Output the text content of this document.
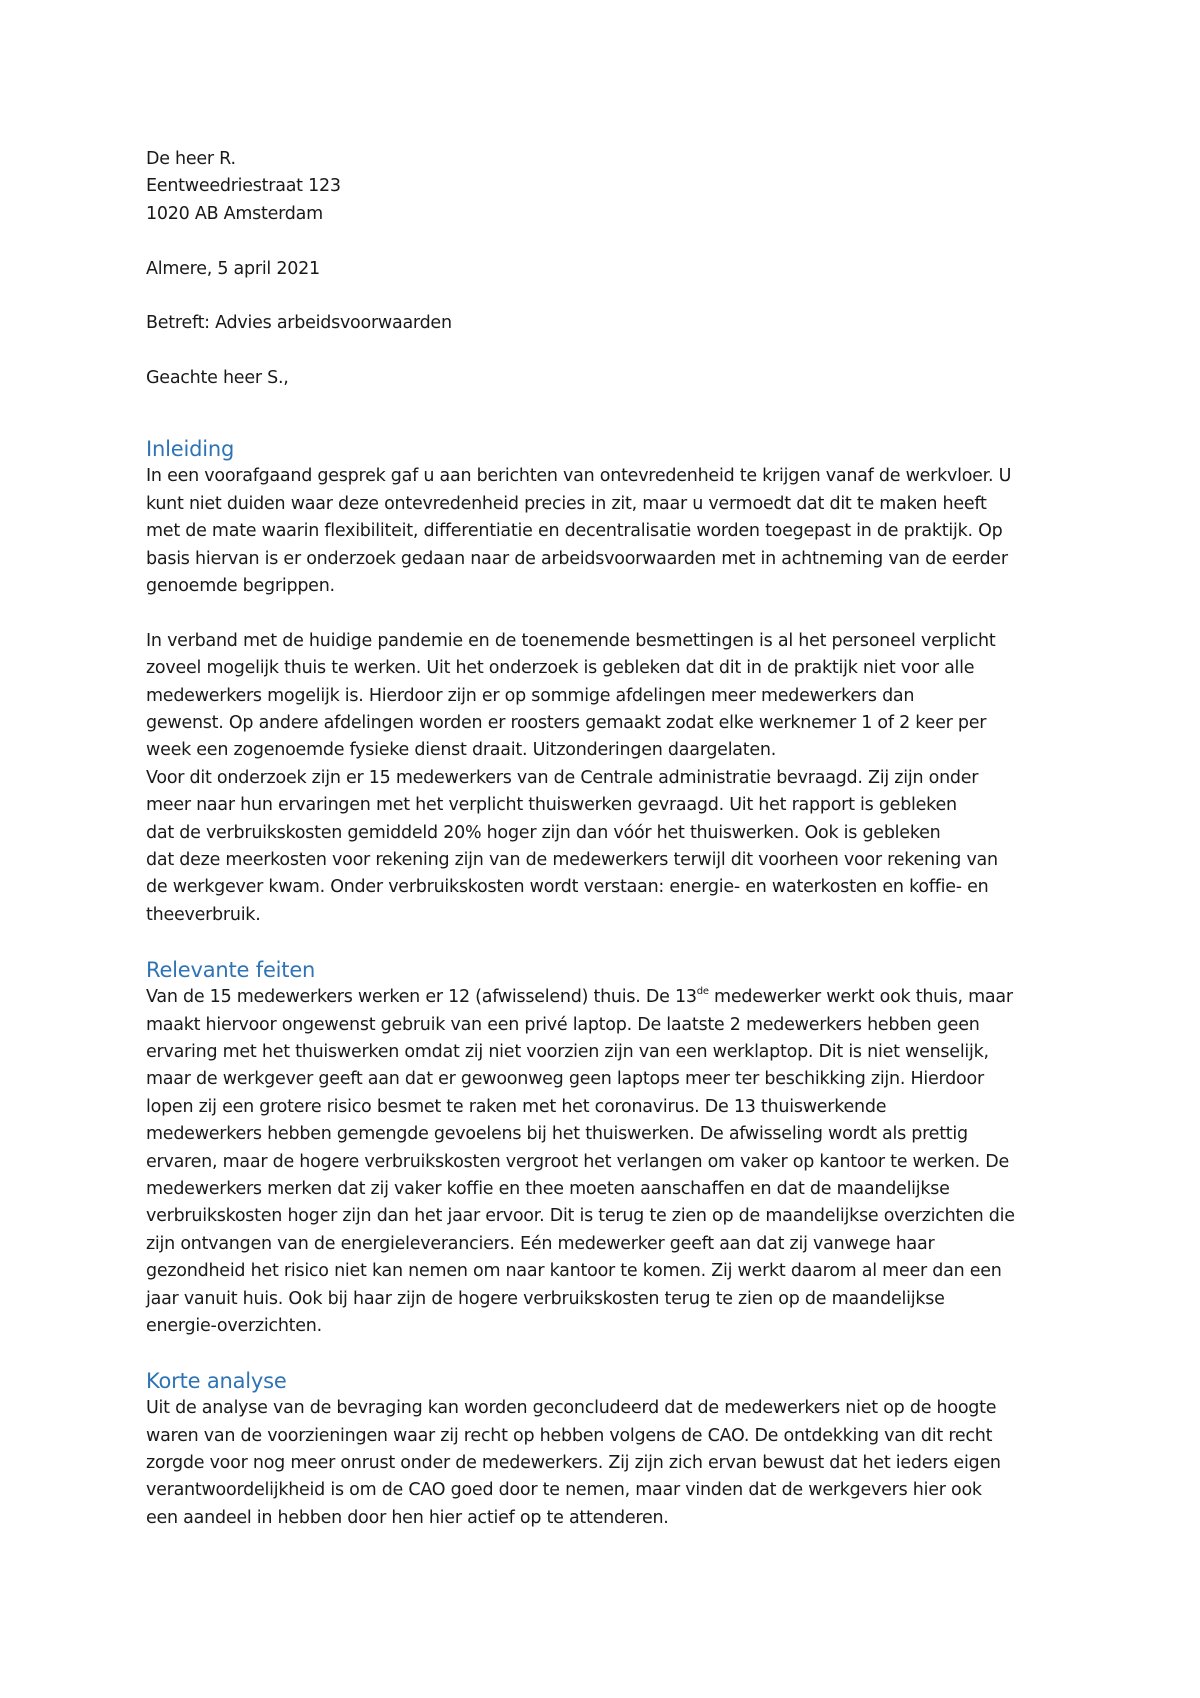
De heer R.
Eentweedriestraat 123
1020 AB Amsterdam
Almere, 5 april 2021
Betreft: Advies arbeidsvoorwaarden
Geachte heer S.,
Inleiding
In een voorafgaand gesprek gaf u aan berichten van ontevredenheid te krijgen vanaf de werkvloer. U
kunt niet duiden waar deze ontevredenheid precies in zit, maar u vermoedt dat dit te maken heeft
met de mate waarin flexibiliteit, differentiatie en decentralisatie worden toegepast in de praktijk. Op
basis hiervan is er onderzoek gedaan naar de arbeidsvoorwaarden met in achtneming van de eerder
genoemde begrippen.
In verband met de huidige pandemie en de toenemende besmettingen is al het personeel verplicht
zoveel mogelijk thuis te werken. Uit het onderzoek is gebleken dat dit in de praktijk niet voor alle
medewerkers mogelijk is. Hierdoor zijn er op sommige afdelingen meer medewerkers dan
gewenst. Op andere afdelingen worden er roosters gemaakt zodat elke werknemer 1 of 2 keer per
week een zogenoemde fysieke dienst draait. Uitzonderingen daargelaten.
Voor dit onderzoek zijn er 15 medewerkers van de Centrale administratie bevraagd. Zij zijn onder
meer naar hun ervaringen met het verplicht thuiswerken gevraagd. Uit het rapport is gebleken
dat de verbruikskosten gemiddeld 20% hoger zijn dan vóór het thuiswerken. Ook is gebleken
dat deze meerkosten voor rekening zijn van de medewerkers terwijl dit voorheen voor rekening van
de werkgever kwam. Onder verbruikskosten wordt verstaan: energie- en waterkosten en koffie- en
theeverbruik.
Relevante feiten
Van de 15 medewerkers werken er 12 (afwisselend) thuis. De 13de medewerker werkt ook thuis, maar
maakt hiervoor ongewenst gebruik van een privé laptop. De laatste 2 medewerkers hebben geen
ervaring met het thuiswerken omdat zij niet voorzien zijn van een werklaptop. Dit is niet wenselijk,
maar de werkgever geeft aan dat er gewoonweg geen laptops meer ter beschikking zijn. Hierdoor
lopen zij een grotere risico besmet te raken met het coronavirus. De 13 thuiswerkende
medewerkers hebben gemengde gevoelens bij het thuiswerken. De afwisseling wordt als prettig
ervaren, maar de hogere verbruikskosten vergroot het verlangen om vaker op kantoor te werken. De
medewerkers merken dat zij vaker koffie en thee moeten aanschaffen en dat de maandelijkse
verbruikskosten hoger zijn dan het jaar ervoor. Dit is terug te zien op de maandelijkse overzichten die
zijn ontvangen van de energieleveranciers. Eén medewerker geeft aan dat zij vanwege haar
gezondheid het risico niet kan nemen om naar kantoor te komen. Zij werkt daarom al meer dan een
jaar vanuit huis. Ook bij haar zijn de hogere verbruikskosten terug te zien op de maandelijkse
energie-overzichten.
Korte analyse
Uit de analyse van de bevraging kan worden geconcludeerd dat de medewerkers niet op de hoogte
waren van de voorzieningen waar zij recht op hebben volgens de CAO. De ontdekking van dit recht
zorgde voor nog meer onrust onder de medewerkers. Zij zijn zich ervan bewust dat het ieders eigen
verantwoordelijkheid is om de CAO goed door te nemen, maar vinden dat de werkgevers hier ook
een aandeel in hebben door hen hier actief op te attenderen.
